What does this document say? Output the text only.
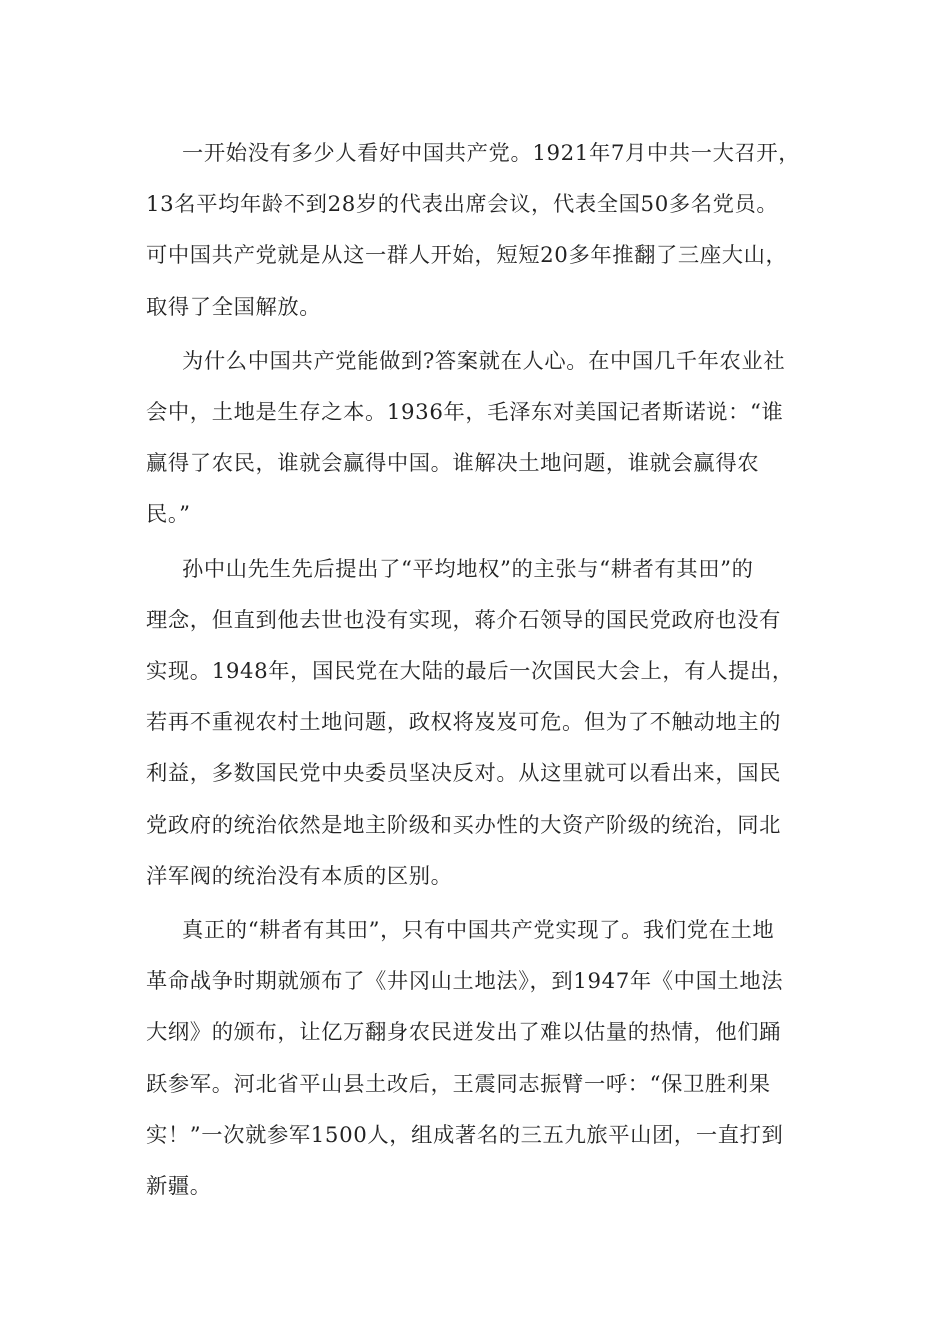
一开始没有多少人看好中国共产党。1921年7月中共一大召开，
13名平均年龄不到28岁的代表出席会议，代表全国50多名党员。
可中国共产党就是从这一群人开始，短短20多年推翻了三座大山，
取得了全国解放。

为什么中国共产党能做到?答案就在人心。在中国几千年农业社
会中，土地是生存之本。1936年，毛泽东对美国记者斯诺说：“谁
赢得了农民，谁就会赢得中国。谁解决土地问题，谁就会赢得农
民。”

孙中山先生先后提出了“平均地权”的主张与“耕者有其田”的
理念，但直到他去世也没有实现，蒋介石领导的国民党政府也没有
实现。1948年，国民党在大陆的最后一次国民大会上，有人提出，
若再不重视农村土地问题，政权将岌岌可危。但为了不触动地主的
利益，多数国民党中央委员坚决反对。从这里就可以看出来，国民
党政府的统治依然是地主阶级和买办性的大资产阶级的统治，同北
洋军阀的统治没有本质的区别。

真正的“耕者有其田”，只有中国共产党实现了。我们党在土地
革命战争时期就颁布了《井冈山土地法》，到1947年《中国土地法
大纲》的颁布，让亿万翻身农民迸发出了难以估量的热情，他们踊
跃参军。河北省平山县土改后，王震同志振臂一呼：“保卫胜利果
实！”一次就参军1500人，组成著名的三五九旅平山团，一直打到
新疆。
